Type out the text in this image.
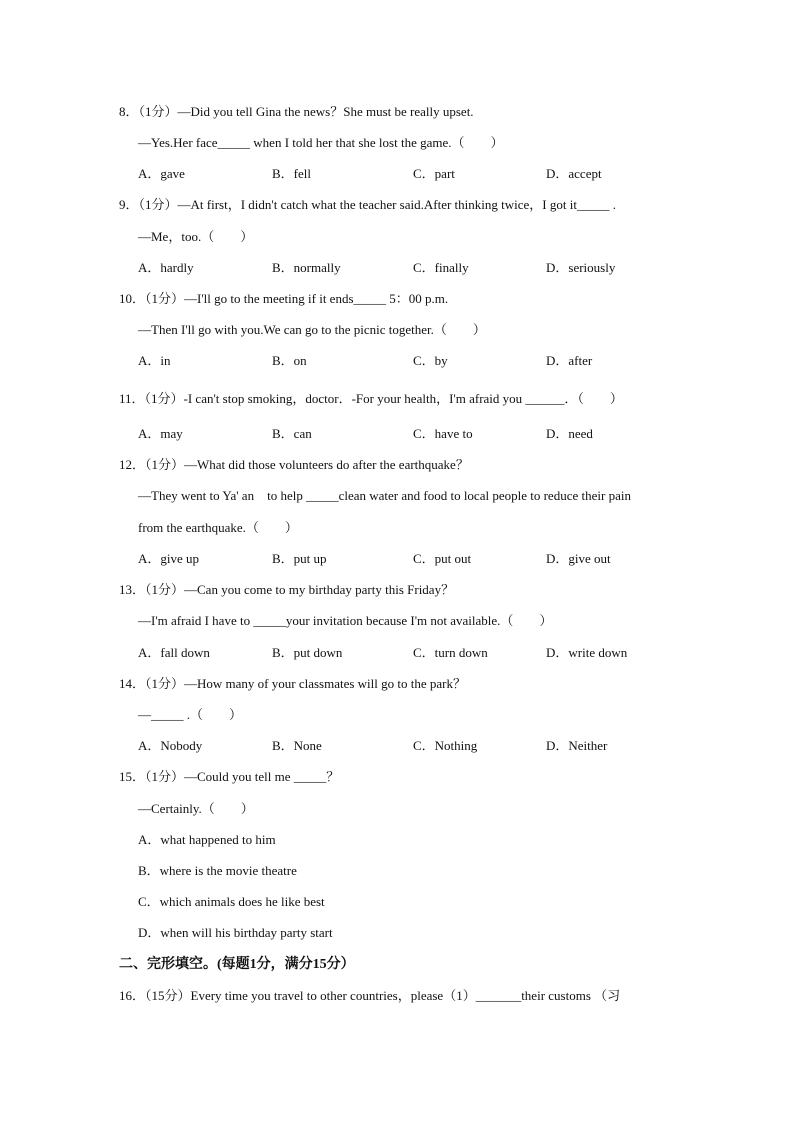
8．（1分）—Did you tell Gina the news？She must be really upset.
—Yes.Her face_____ when I told her that she lost the game.（　　）
A．gave	B．fell	C．part	D．accept
9．（1分）—At first，I didn't catch what the teacher said.After thinking twice，I got it_____ .
—Me，too.（　　）
A．hardly	B．normally	C．finally	D．seriously
10．（1分）—I'll go to the meeting if it ends_____ 5：00 p.m.
—Then I'll go with you.We can go to the picnic together.（　　）
A．in	B．on	C．by	D．after
11．（1分）-I can't stop smoking，doctor．-For your health，I'm afraid you ______．（　　）
A．may	B．can	C．have to	D．need
12．（1分）—What did those volunteers do after the earthquake？
—They went to Ya' an　to help _____clean water and food to local people to reduce their pain
from the earthquake.（　　）
A．give up	B．put up	C．put out	D．give out
13．（1分）—Can you come to my birthday party this Friday？
—I'm afraid I have to _____your invitation because I'm not available.（　　）
A．fall down	B．put down	C．turn down	D．write down
14．（1分）—How many of your classmates will go to the park？
—_____ .（　　）
A．Nobody	B．None	C．Nothing	D．Neither
15．（1分）—Could you tell me _____？
—Certainly.（　　）
A．what happened to him
B．where is the movie theatre
C．which animals does he like best
D．when will his birthday party start
二、完形填空。(每题1分，满分15分）
16．（15分）Every time you travel to other countries，please（1）_______their customs （习
